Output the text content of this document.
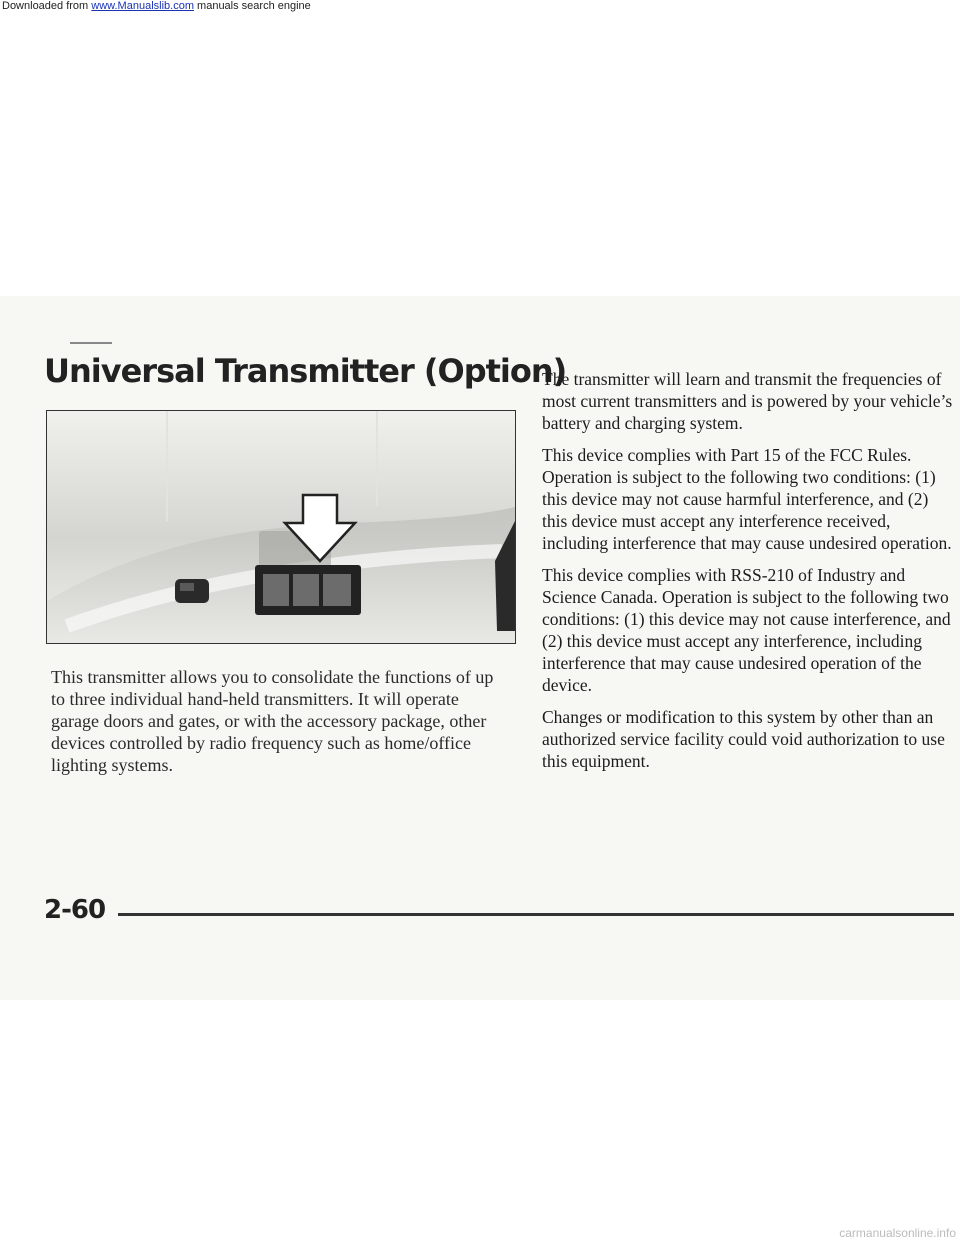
Downloaded from www.Manualslib.com manuals search engine
Universal Transmitter (Option)

This transmitter allows you to consolidate the functions of up to three individual hand-held transmitters. It will operate garage doors and gates, or with the accessory package, other devices controlled by radio frequency such as home/office lighting systems.

The transmitter will learn and transmit the frequencies of most current transmitters and is powered by your vehicle’s battery and charging system.

This device complies with Part 15 of the FCC Rules. Operation is subject to the following two conditions: (1) this device may not cause harmful interference, and (2) this device must accept any interference received, including interference that may cause undesired operation.

This device complies with RSS-210 of Industry and Science Canada. Operation is subject to the following two conditions: (1) this device may not cause interference, and (2) this device must accept any interference, including interference that may cause undesired operation of the device.

Changes or modification to this system by other than an authorized service facility could void authorization to use this equipment.

2-60

carmanualsonline.info
